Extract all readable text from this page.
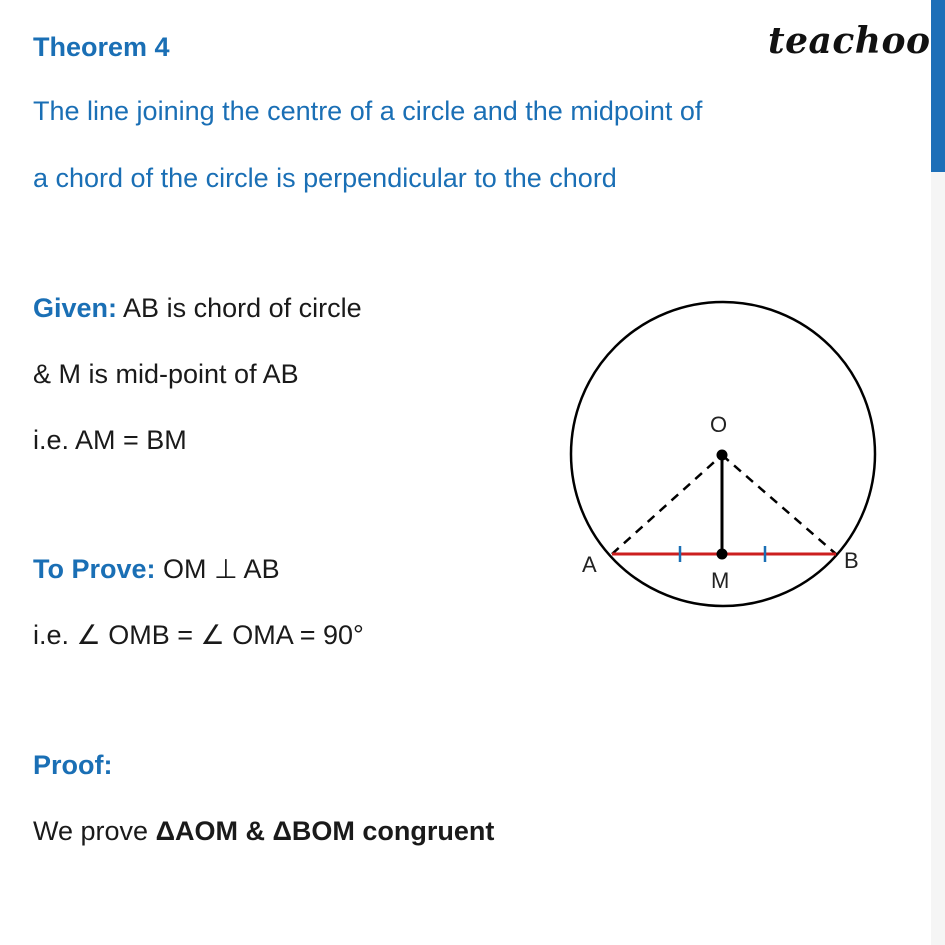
teachoo
Theorem 4
The line joining the centre of a circle and the midpoint of
a chord of the circle is perpendicular to the chord
Given: AB is chord of circle
& M is mid-point of AB
i.e. AM = BM
To Prove: OM ⊥ AB
i.e. ∠ OMB = ∠ OMA = 90°
Proof:
We prove ΔAOM & ΔBOM congruent
O
A	B
M
